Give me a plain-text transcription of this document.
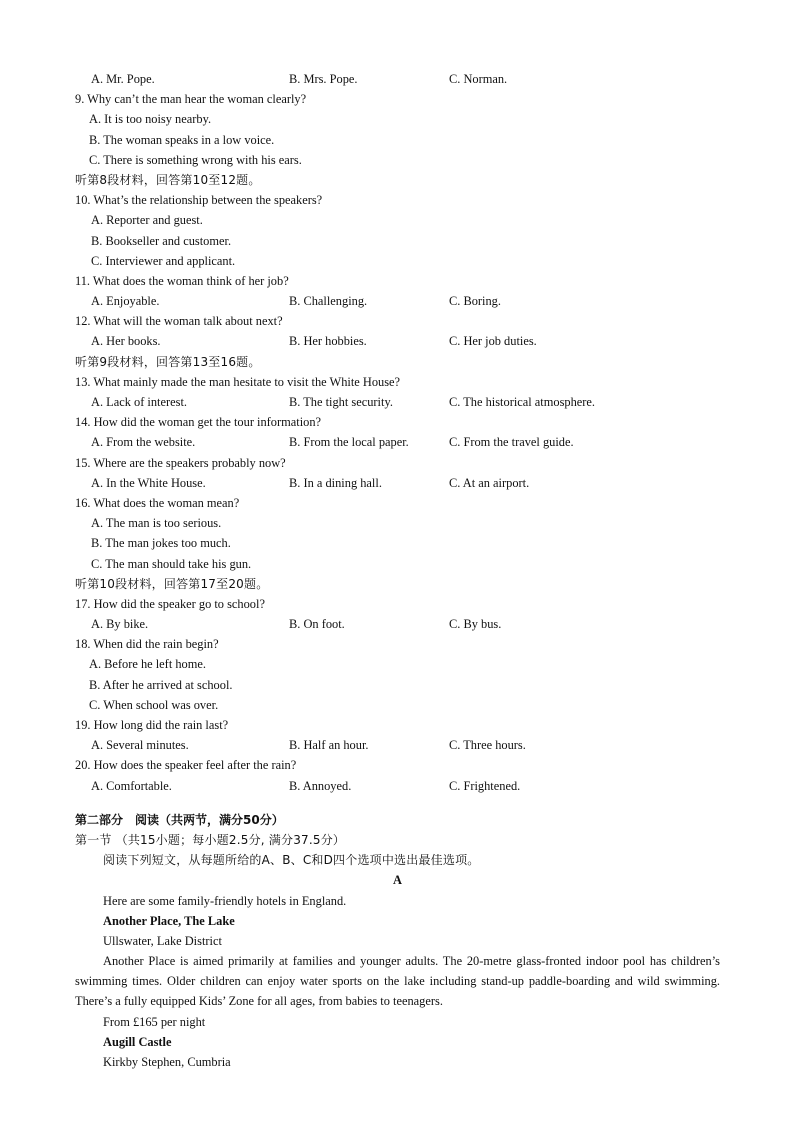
A. Mr. Pope.	B. Mrs. Pope.	C. Norman.
9. Why can’t the man hear the woman clearly?
A. It is too noisy nearby.
B. The woman speaks in a low voice.
C. There is something wrong with his ears.
听第8段材料，回答第10至12题。
10. What’s the relationship between the speakers?
A. Reporter and guest.
B. Bookseller and customer.
C. Interviewer and applicant.
11. What does the woman think of her job?
A. Enjoyable.	B. Challenging.	C. Boring.
12. What will the woman talk about next?
A. Her books.	B. Her hobbies.	C. Her job duties.
听第9段材料，回答第13至16题。
13. What mainly made the man hesitate to visit the White House?
A. Lack of interest.	B. The tight security.	C. The historical atmosphere.
14. How did the woman get the tour information?
A. From the website.	B. From the local paper.	C. From the travel guide.
15. Where are the speakers probably now?
A. In the White House.	B. In a dining hall.	C. At an airport.
16. What does the woman mean?
A. The man is too serious.
B. The man jokes too much.
C. The man should take his gun.
听第10段材料，回答第17至20题。
17. How did the speaker go to school?
A. By bike.	B. On foot.	C. By bus.
18. When did the rain begin?
A. Before he left home.
B. After he arrived at school.
C. When school was over.
19. How long did the rain last?
A. Several minutes.	B. Half an hour.	C. Three hours.
20. How does the speaker feel after the rain?
A. Comfortable.	B. Annoyed.	C. Frightened.
第二部分　阅读（共两节，满分50分）
第一节 （共15小题；每小题2.5分, 满分37.5分）
阅读下列短文，从每题所给的A、B、C和D四个选项中选出最佳选项。
A
Here are some family-friendly hotels in England.
Another Place, The Lake
Ullswater, Lake District
Another Place is aimed primarily at families and younger adults. The 20-metre glass-fronted indoor pool has children’s swimming times. Older children can enjoy water sports on the lake including stand-up paddle-boarding and wild swimming. There’s a fully equipped Kids’ Zone for all ages, from babies to teenagers.
From £165 per night
Augill Castle
Kirkby Stephen, Cumbria
